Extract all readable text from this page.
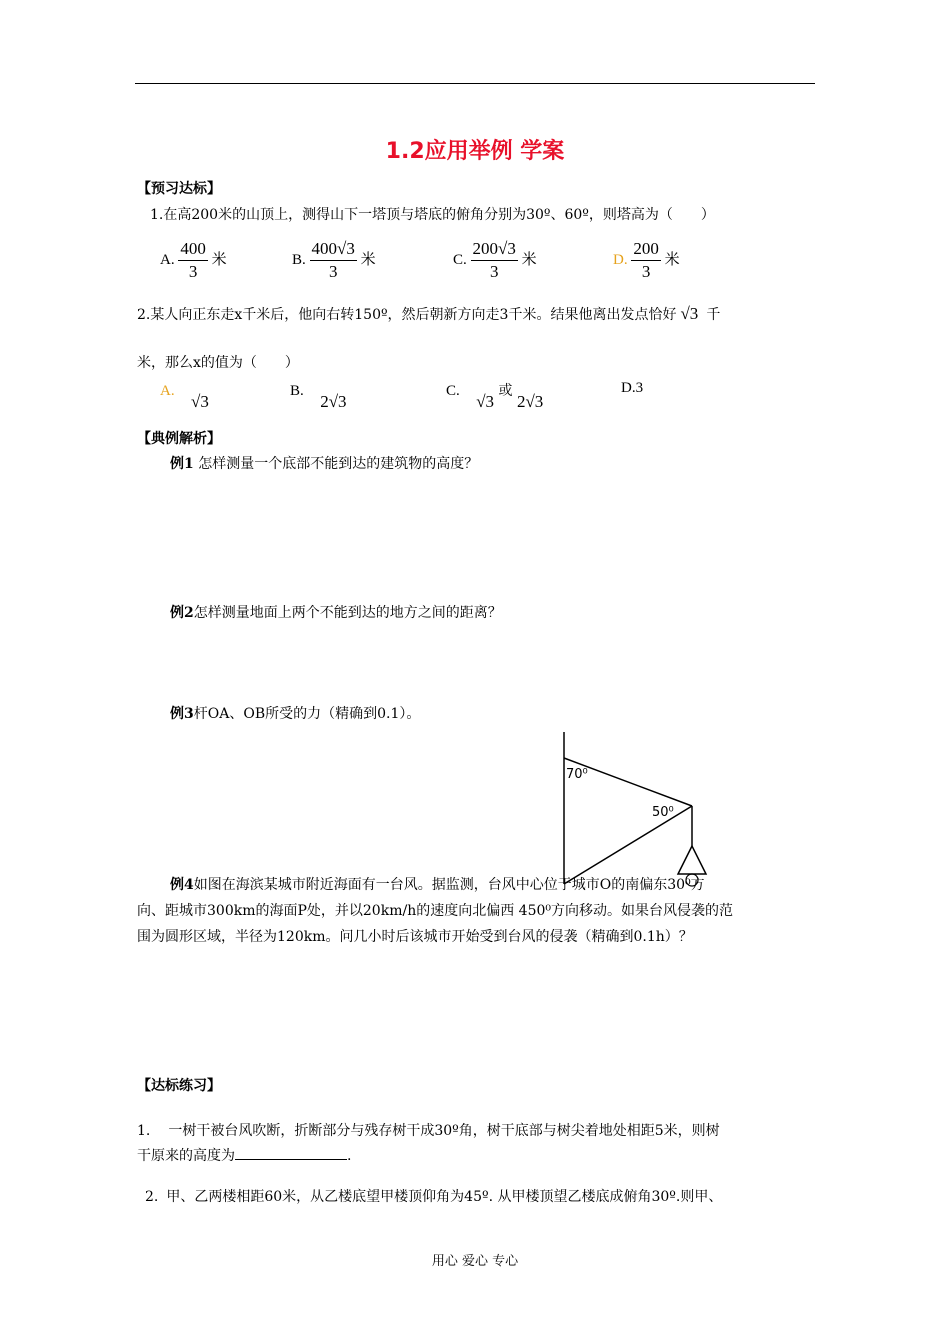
1.2应用举例 学案
【预习达标】
1.在高200米的山顶上，测得山下一塔顶与塔底的俯角分别为30º、60º，则塔高为（　　）
A. $\frac{400}{3}$ 米	B. $\frac{400√3}{3}$ 米	C. $\frac{200√3}{3}$ 米	D. $\frac{200}{3}$ 米
2.某人向正东走x千米后，他向右转150º，然后朝新方向走3千米。结果他离出发点恰好 √3 千
米，那么x的值为（　　）
A. √3
B. 2√3
C. √3 或 2√3
D.3
【典例解析】
例1 怎样测量一个底部不能到达的建筑物的高度？
例2怎样测量地面上两个不能到达的地方之间的距离？
例3杆OA、OB所受的力（精确到0.1）。
70⁰
50⁰
例4如图在海滨某城市附近海面有一台风。据监测，台风中心位于城市O的南偏东30⁰方
向、距城市300km的海面P处，并以20km/h的速度向北偏西 450⁰方向移动。如果台风侵袭的范
围为圆形区域，半径为120km。问几小时后该城市开始受到台风的侵袭（精确到0.1h）？
【达标练习】
1. 一树干被台风吹断，折断部分与残存树干成30º角，树干底部与树尖着地处相距5米，则树
干原来的高度为	.
2. 甲、乙两楼相距60米，从乙楼底望甲楼顶仰角为45º. 从甲楼顶望乙楼底成俯角30º.则甲、
用心 爱心 专心
